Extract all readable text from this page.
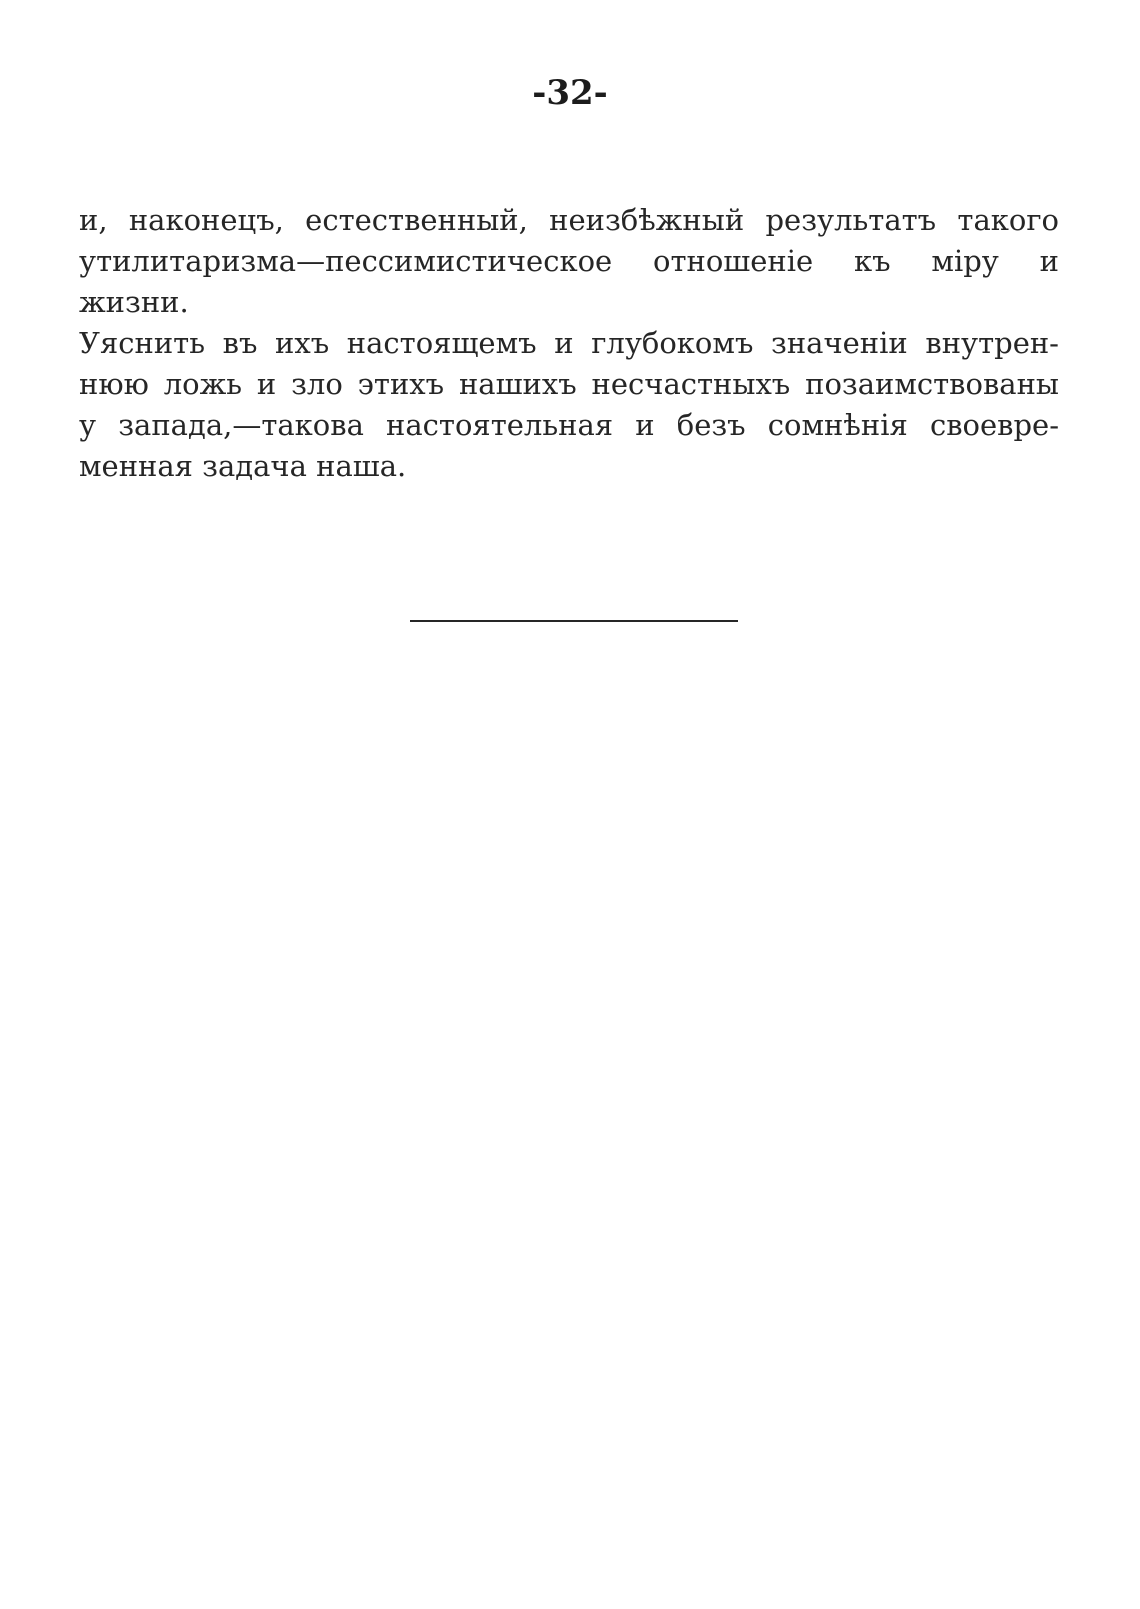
-32-
и, наконецъ, естественный, неизбѣжный результатъ такого
утилитаризма—пессимистическое отношеніе къ міру и
жизни.
Уяснить въ ихъ настоящемъ и глубокомъ значеніи внутрен-
нюю ложь и зло этихъ нашихъ несчастныхъ позаимствованы
у запада,—такова настоятельная и безъ сомнѣнія своевре-
менная задача наша.
